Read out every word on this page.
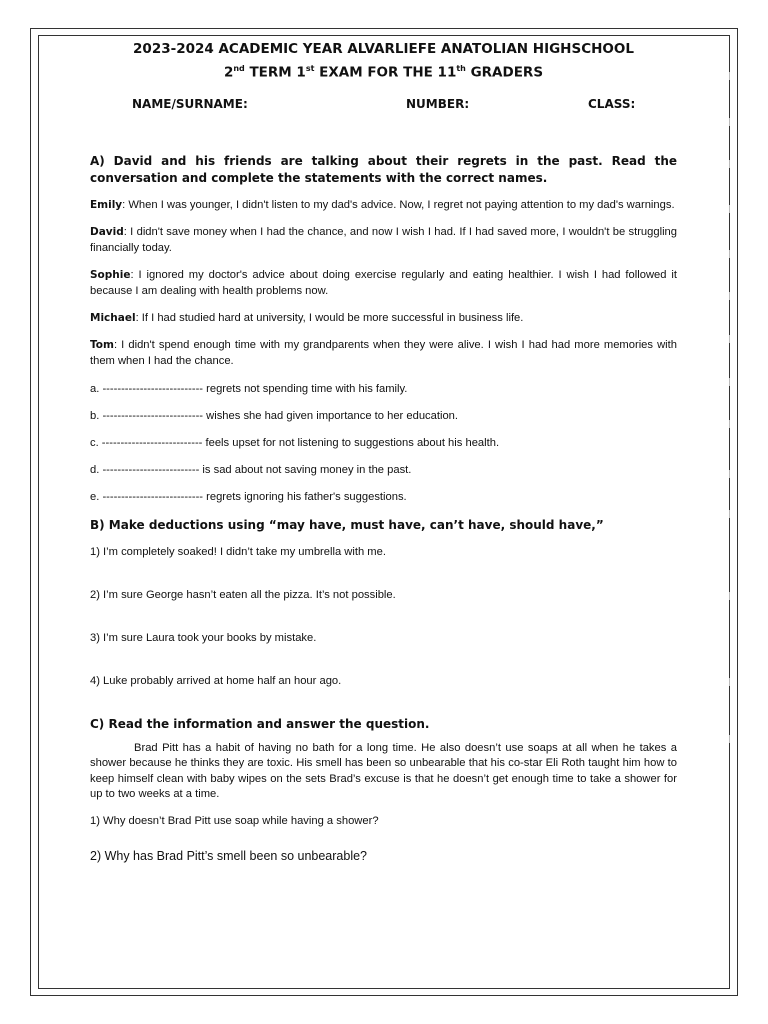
2023-2024 ACADEMIC YEAR ALVARLIEFE ANATOLIAN HIGHSCHOOL
2nd TERM 1st EXAM FOR THE 11th GRADERS
NAME/SURNAME:	NUMBER:	CLASS:
A) David and his friends are talking about their regrets in the past. Read the conversation and complete the statements with the correct names.
Emily: When I was younger, I didn't listen to my dad's advice. Now, I regret not paying attention to my dad's warnings.
David: I didn't save money when I had the chance, and now I wish I had. If I had saved more, I wouldn't be struggling financially today.
Sophie: I ignored my doctor's advice about doing exercise regularly and eating healthier. I wish I had followed it because I am dealing with health problems now.
Michael: If I had studied hard at university, I would be more successful in business life.
Tom: I didn't spend enough time with my grandparents when they were alive. I wish I had had more memories with them when I had the chance.
a. --------------------------- regrets not spending time with his family.
b. --------------------------- wishes she had given importance to her education.
c. --------------------------- feels upset for not listening to suggestions about his health.
d. -------------------------- is sad about not saving money in the past.
e. --------------------------- regrets ignoring his father's suggestions.
B) Make deductions using “may have, must have, can’t have, should have,”
1) I’m completely soaked! I didn’t take my umbrella with me.
2) I’m sure George hasn’t eaten all the pizza. It’s not possible.
3) I’m sure Laura took your books by mistake.
4) Luke probably arrived at home half an hour ago.
C) Read the information and answer the question.
Brad Pitt has a habit of having no bath for a long time. He also doesn’t use soaps at all when he takes a shower because he thinks they are toxic. His smell has been so unbearable that his co-star Eli Roth taught him how to keep himself clean with baby wipes on the sets Brad’s excuse is that he doesn’t get enough time to take a shower for up to two weeks at a time.
1) Why doesn’t Brad Pitt use soap while having a shower?
2) Why has Brad Pitt’s smell been so unbearable?
